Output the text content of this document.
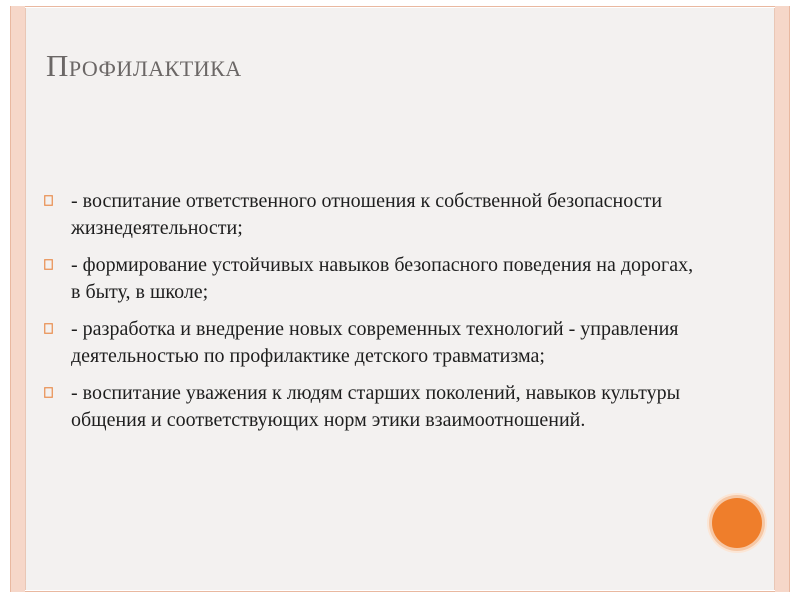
Профилактика
- воспитание ответственного отношения к собственной безопасности жизнедеятельности;
- формирование устойчивых навыков безопасного поведения на дорогах, в быту, в школе;
- разработка и внедрение новых современных технологий - управления деятельностью по профилактике детского травматизма;
- воспитание уважения к людям старших поколений, навыков культуры общения и соответствующих норм этики взаимоотношений.
